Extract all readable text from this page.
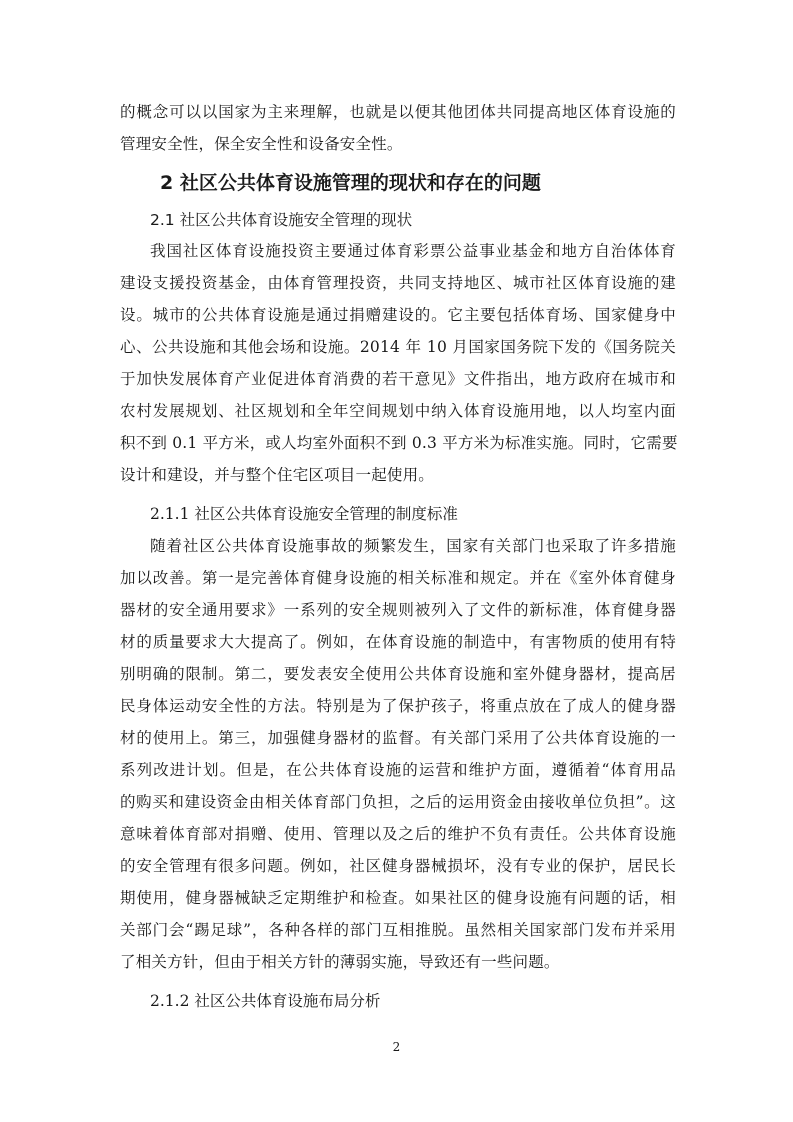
的概念可以以国家为主来理解，也就是以便其他团体共同提高地区体育设施的
管理安全性，保全安全性和设备安全性。
2 社区公共体育设施管理的现状和存在的问题
2.1 社区公共体育设施安全管理的现状
我国社区体育设施投资主要通过体育彩票公益事业基金和地方自治体体育
建设支援投资基金，由体育管理投资，共同支持地区、城市社区体育设施的建
设。城市的公共体育设施是通过捐赠建设的。它主要包括体育场、国家健身中
心、公共设施和其他会场和设施。2014 年 10 月国家国务院下发的《国务院关
于加快发展体育产业促进体育消费的若干意见》文件指出，地方政府在城市和
农村发展规划、社区规划和全年空间规划中纳入体育设施用地，以人均室内面
积不到 0.1 平方米，或人均室外面积不到 0.3 平方米为标准实施。同时，它需要
设计和建设，并与整个住宅区项目一起使用。
2.1.1 社区公共体育设施安全管理的制度标准
随着社区公共体育设施事故的频繁发生，国家有关部门也采取了许多措施
加以改善。第一是完善体育健身设施的相关标准和规定。并在《室外体育健身
器材的安全通用要求》一系列的安全规则被列入了文件的新标准，体育健身器
材的质量要求大大提高了。例如，在体育设施的制造中，有害物质的使用有特
别明确的限制。第二，要发表安全使用公共体育设施和室外健身器材，提高居
民身体运动安全性的方法。特别是为了保护孩子，将重点放在了成人的健身器
材的使用上。第三，加强健身器材的监督。有关部门采用了公共体育设施的一
系列改进计划。但是，在公共体育设施的运营和维护方面，遵循着“体育用品
的购买和建设资金由相关体育部门负担，之后的运用资金由接收单位负担”。这
意味着体育部对捐赠、使用、管理以及之后的维护不负有责任。公共体育设施
的安全管理有很多问题。例如，社区健身器械损坏，没有专业的保护，居民长
期使用，健身器械缺乏定期维护和检查。如果社区的健身设施有问题的话，相
关部门会“踢足球”，各种各样的部门互相推脱。虽然相关国家部门发布并采用
了相关方针，但由于相关方针的薄弱实施，导致还有一些问题。
2.1.2 社区公共体育设施布局分析
2
